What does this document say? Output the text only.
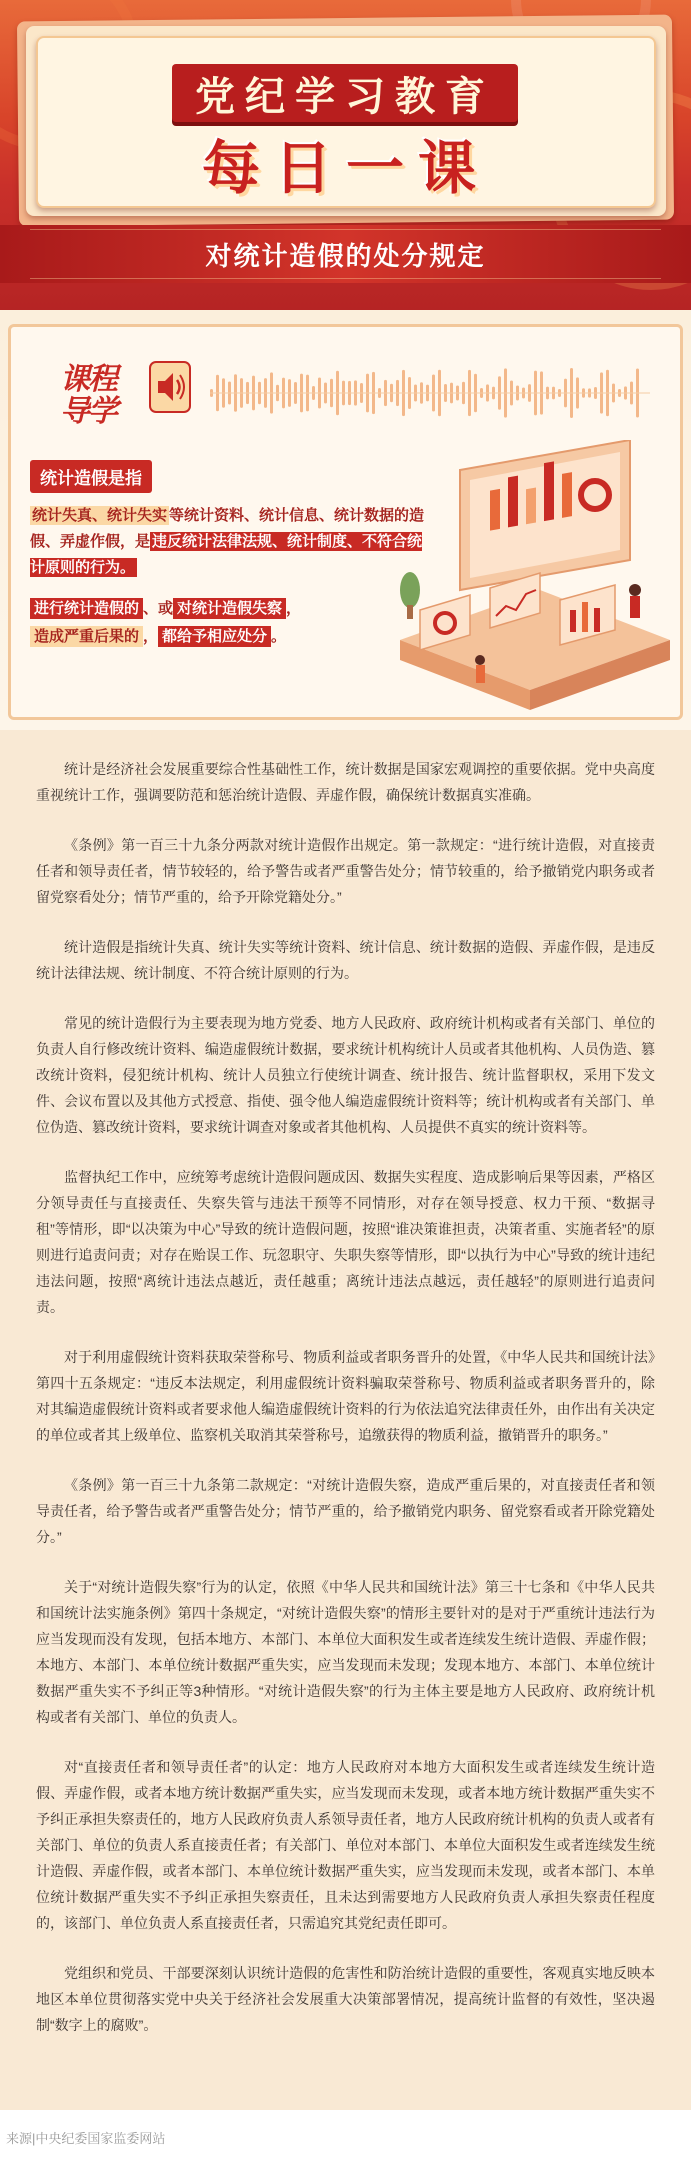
党纪学习教育
每日一课
对统计造假的处分规定
课程
导学
统计造假是指
统计失真、统计失实 等统计资料、统计信息、统计数据的造假、弄虚作假，是 违反统计法律法规、统计制度、不符合统计原则的行为。
进行统计造假的 、或 对统计造假失察 ，
造成严重后果的 ， 都给予相应处分 。

统计是经济社会发展重要综合性基础性工作，统计数据是国家宏观调控的重要依据。党中央高度重视统计工作，强调要防范和惩治统计造假、弄虚作假，确保统计数据真实准确。

《条例》第一百三十九条分两款对统计造假作出规定。第一款规定：“进行统计造假，对直接责任者和领导责任者，情节较轻的，给予警告或者严重警告处分；情节较重的，给予撤销党内职务或者留党察看处分；情节严重的，给予开除党籍处分。”

统计造假是指统计失真、统计失实等统计资料、统计信息、统计数据的造假、弄虚作假，是违反统计法律法规、统计制度、不符合统计原则的行为。

常见的统计造假行为主要表现为地方党委、地方人民政府、政府统计机构或者有关部门、单位的负责人自行修改统计资料、编造虚假统计数据，要求统计机构统计人员或者其他机构、人员伪造、篡改统计资料，侵犯统计机构、统计人员独立行使统计调查、统计报告、统计监督职权，采用下发文件、会议布置以及其他方式授意、指使、强令他人编造虚假统计资料等；统计机构或者有关部门、单位伪造、篡改统计资料，要求统计调查对象或者其他机构、人员提供不真实的统计资料等。

监督执纪工作中，应统筹考虑统计造假问题成因、数据失实程度、造成影响后果等因素，严格区分领导责任与直接责任、失察失管与违法干预等不同情形，对存在领导授意、权力干预、“数据寻租”等情形，即“以决策为中心”导致的统计造假问题，按照“谁决策谁担责，决策者重、实施者轻”的原则进行追责问责；对存在贻误工作、玩忽职守、失职失察等情形，即“以执行为中心”导致的统计违纪违法问题，按照“离统计违法点越近，责任越重；离统计违法点越远，责任越轻”的原则进行追责问责。

对于利用虚假统计资料获取荣誉称号、物质利益或者职务晋升的处置，《中华人民共和国统计法》第四十五条规定：“违反本法规定，利用虚假统计资料骗取荣誉称号、物质利益或者职务晋升的，除对其编造虚假统计资料或者要求他人编造虚假统计资料的行为依法追究法律责任外，由作出有关决定的单位或者其上级单位、监察机关取消其荣誉称号，追缴获得的物质利益，撤销晋升的职务。”

《条例》第一百三十九条第二款规定：“对统计造假失察，造成严重后果的，对直接责任者和领导责任者，给予警告或者严重警告处分；情节严重的，给予撤销党内职务、留党察看或者开除党籍处分。”

关于“对统计造假失察”行为的认定，依照《中华人民共和国统计法》第三十七条和《中华人民共和国统计法实施条例》第四十条规定，“对统计造假失察”的情形主要针对的是对于严重统计违法行为应当发现而没有发现，包括本地方、本部门、本单位大面积发生或者连续发生统计造假、弄虚作假；本地方、本部门、本单位统计数据严重失实，应当发现而未发现；发现本地方、本部门、本单位统计数据严重失实不予纠正等3种情形。“对统计造假失察”的行为主体主要是地方人民政府、政府统计机构或者有关部门、单位的负责人。

对“直接责任者和领导责任者”的认定：地方人民政府对本地方大面积发生或者连续发生统计造假、弄虚作假，或者本地方统计数据严重失实，应当发现而未发现，或者本地方统计数据严重失实不予纠正承担失察责任的，地方人民政府负责人系领导责任者，地方人民政府统计机构的负责人或者有关部门、单位的负责人系直接责任者；有关部门、单位对本部门、本单位大面积发生或者连续发生统计造假、弄虚作假，或者本部门、本单位统计数据严重失实，应当发现而未发现，或者本部门、本单位统计数据严重失实不予纠正承担失察责任，且未达到需要地方人民政府负责人承担失察责任程度的，该部门、单位负责人系直接责任者，只需追究其党纪责任即可。

党组织和党员、干部要深刻认识统计造假的危害性和防治统计造假的重要性，客观真实地反映本地区本单位贯彻落实党中央关于经济社会发展重大决策部署情况，提高统计监督的有效性，坚决遏制“数字上的腐败”。

来源|中央纪委国家监委网站
